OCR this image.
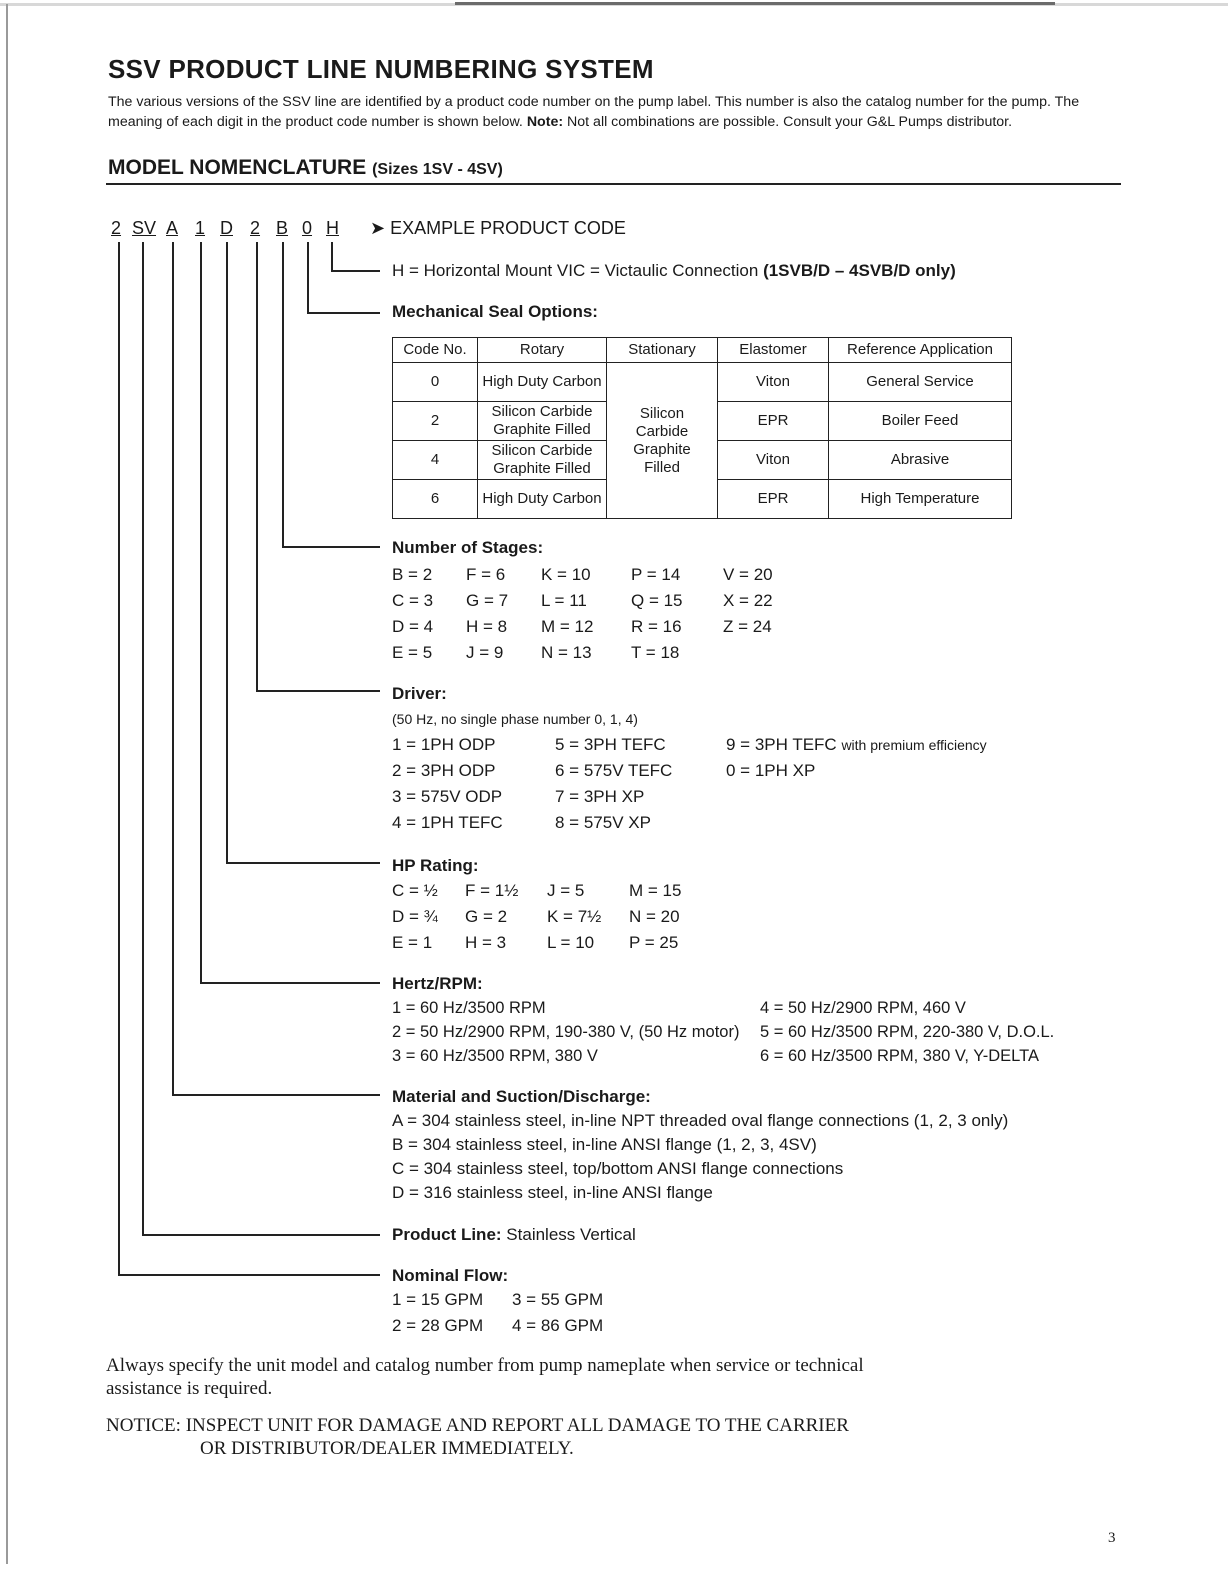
SSV PRODUCT LINE NUMBERING SYSTEM
The various versions of the SSV line are identified by a product code number on the pump label. This number is also the catalog number for the pump. The meaning of each digit in the product code number is shown below. Note: Not all combinations are possible. Consult your G&L Pumps distributor.
MODEL NOMENCLATURE (Sizes 1SV - 4SV)
2 SV A 1 D 2 B 0 H ➤ EXAMPLE PRODUCT CODE
H = Horizontal Mount VIC = Victaulic Connection (1SVB/D – 4SVB/D only)
Mechanical Seal Options:
Code No.	Rotary	Stationary	Elastomer	Reference Application
0	High Duty Carbon	Silicon Carbide Graphite Filled	Viton	General Service
2	Silicon Carbide Graphite Filled		EPR	Boiler Feed
4	Silicon Carbide Graphite Filled		Viton	Abrasive
6	High Duty Carbon		EPR	High Temperature
Number of Stages:
B = 2	F = 6	K = 10	P = 14	V = 20
C = 3	G = 7	L = 11	Q = 15	X = 22
D = 4	H = 8	M = 12	R = 16	Z = 24
E = 5	J = 9	N = 13	T = 18
Driver:
(50 Hz, no single phase number 0, 1, 4)
1 = 1PH ODP	5 = 3PH TEFC	9 = 3PH TEFC with premium efficiency
2 = 3PH ODP	6 = 575V TEFC	0 = 1PH XP
3 = 575V ODP	7 = 3PH XP
4 = 1PH TEFC	8 = 575V XP
HP Rating:
C = ½	F = 1½	J = 5	M = 15
D = ¾	G = 2	K = 7½	N = 20
E = 1	H = 3	L = 10	P = 25
Hertz/RPM:
1 = 60 Hz/3500 RPM	4 = 50 Hz/2900 RPM, 460 V
2 = 50 Hz/2900 RPM, 190-380 V, (50 Hz motor)	5 = 60 Hz/3500 RPM, 220-380 V, D.O.L.
3 = 60 Hz/3500 RPM, 380 V	6 = 60 Hz/3500 RPM, 380 V, Y-DELTA
Material and Suction/Discharge:
A = 304 stainless steel, in-line NPT threaded oval flange connections (1, 2, 3 only)
B = 304 stainless steel, in-line ANSI flange (1, 2, 3, 4SV)
C = 304 stainless steel, top/bottom ANSI flange connections
D = 316 stainless steel, in-line ANSI flange
Product Line: Stainless Vertical
Nominal Flow:
1 = 15 GPM	3 = 55 GPM
2 = 28 GPM	4 = 86 GPM
Always specify the unit model and catalog number from pump nameplate when service or technical assistance is required.
NOTICE: INSPECT UNIT FOR DAMAGE AND REPORT ALL DAMAGE TO THE CARRIER
OR DISTRIBUTOR/DEALER IMMEDIATELY.
3
